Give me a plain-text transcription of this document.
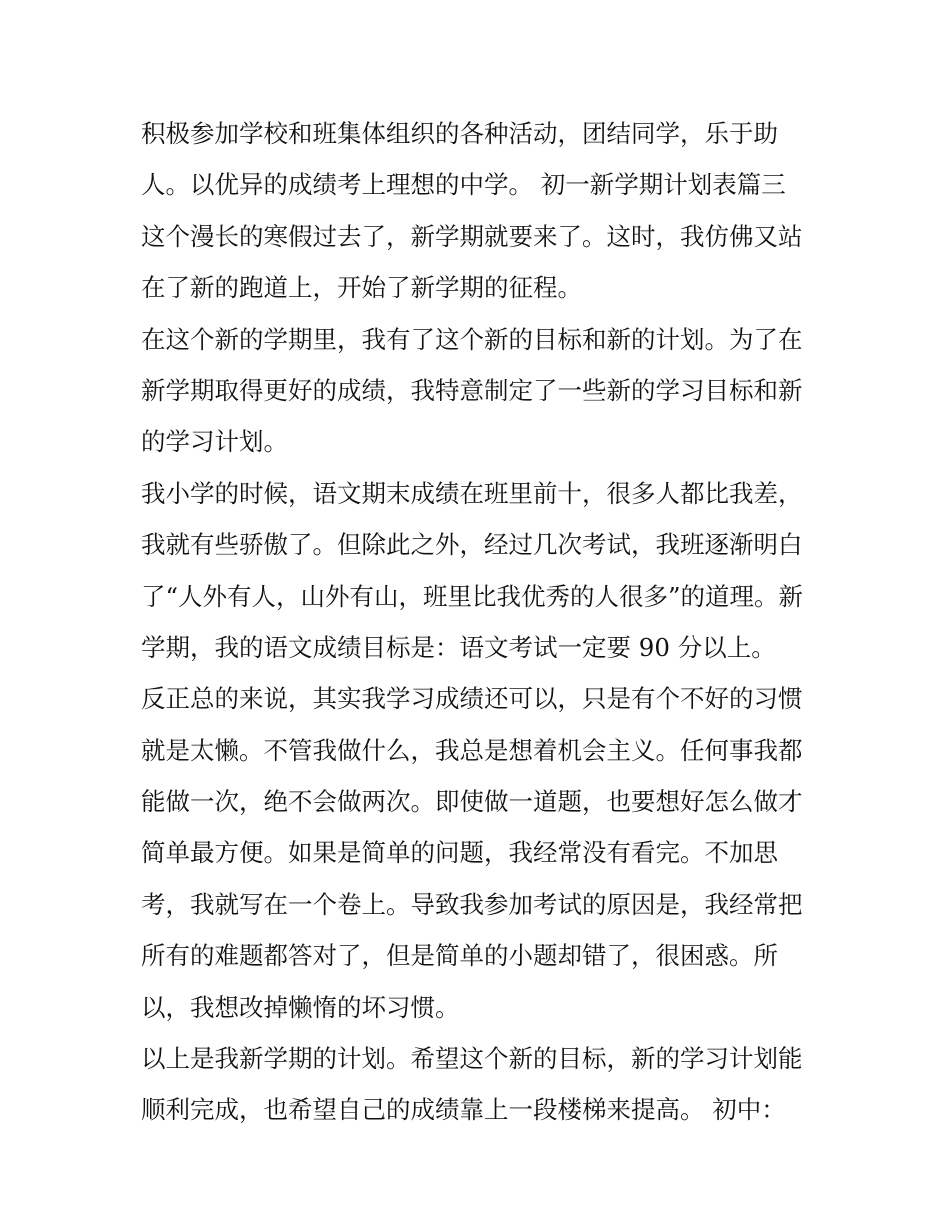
积极参加学校和班集体组织的各种活动，团结同学，乐于助
人。以优异的成绩考上理想的中学。 初一新学期计划表篇三
这个漫长的寒假过去了，新学期就要来了。这时，我仿佛又站
在了新的跑道上，开始了新学期的征程。
在这个新的学期里，我有了这个新的目标和新的计划。为了在
新学期取得更好的成绩，我特意制定了一些新的学习目标和新
的学习计划。
我小学的时候，语文期末成绩在班里前十，很多人都比我差，
我就有些骄傲了。但除此之外，经过几次考试，我班逐渐明白
了“人外有人，山外有山，班里比我优秀的人很多”的道理。新
学期，我的语文成绩目标是：语文考试一定要 90 分以上。
反正总的来说，其实我学习成绩还可以，只是有个不好的习惯
就是太懒。不管我做什么，我总是想着机会主义。任何事我都
能做一次，绝不会做两次。即使做一道题，也要想好怎么做才
简单最方便。如果是简单的问题，我经常没有看完。不加思
考，我就写在一个卷上。导致我参加考试的原因是，我经常把
所有的难题都答对了，但是简单的小题却错了，很困惑。所
以，我想改掉懒惰的坏习惯。
以上是我新学期的计划。希望这个新的目标，新的学习计划能
顺利完成，也希望自己的成绩靠上一段楼梯来提高。 初中：
